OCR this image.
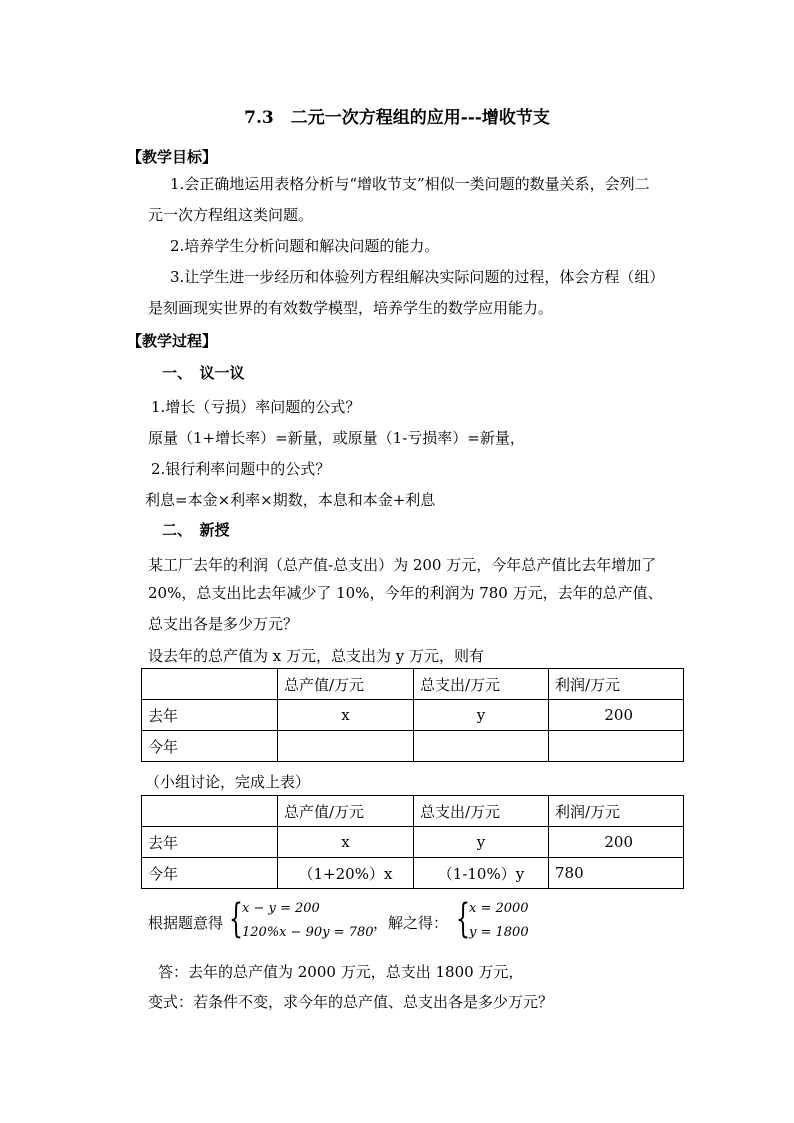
7.3　二元一次方程组的应用---增收节支
【教学目标】
1.会正确地运用表格分析与“增收节支”相似一类问题的数量关系，会列二
元一次方程组这类问题。
2.培养学生分析问题和解决问题的能力。
3.让学生进一步经历和体验列方程组解决实际问题的过程，体会方程（组）
是刻画现实世界的有效数学模型，培养学生的数学应用能力。
【教学过程】
一、　议一议
1.增长（亏损）率问题的公式？
原量（1+增长率）=新量，或原量（1-亏损率）=新量，
2.银行利率问题中的公式？
利息=本金×利率×期数，本息和本金+利息
二、　新授
某工厂去年的利润（总产值-总支出）为 200 万元，今年总产值比去年增加了
20%，总支出比去年减少了 10%，今年的利润为 780 万元，去年的总产值、
总支出各是多少万元？
设去年的总产值为 x 万元，总支出为 y 万元，则有
	总产值/万元	总支出/万元	利润/万元
去年	x	y	200
今年			
（小组讨论，完成上表）
	总产值/万元	总支出/万元	利润/万元
去年	x	y	200
今年	（1+20%）x	（1-10%）y	780
根据题意得 { x − y = 200
120%x − 90y = 780
，解之得： { x = 2000
y = 1800
答：去年的总产值为 2000 万元，总支出 1800 万元，
变式：若条件不变，求今年的总产值、总支出各是多少万元？
